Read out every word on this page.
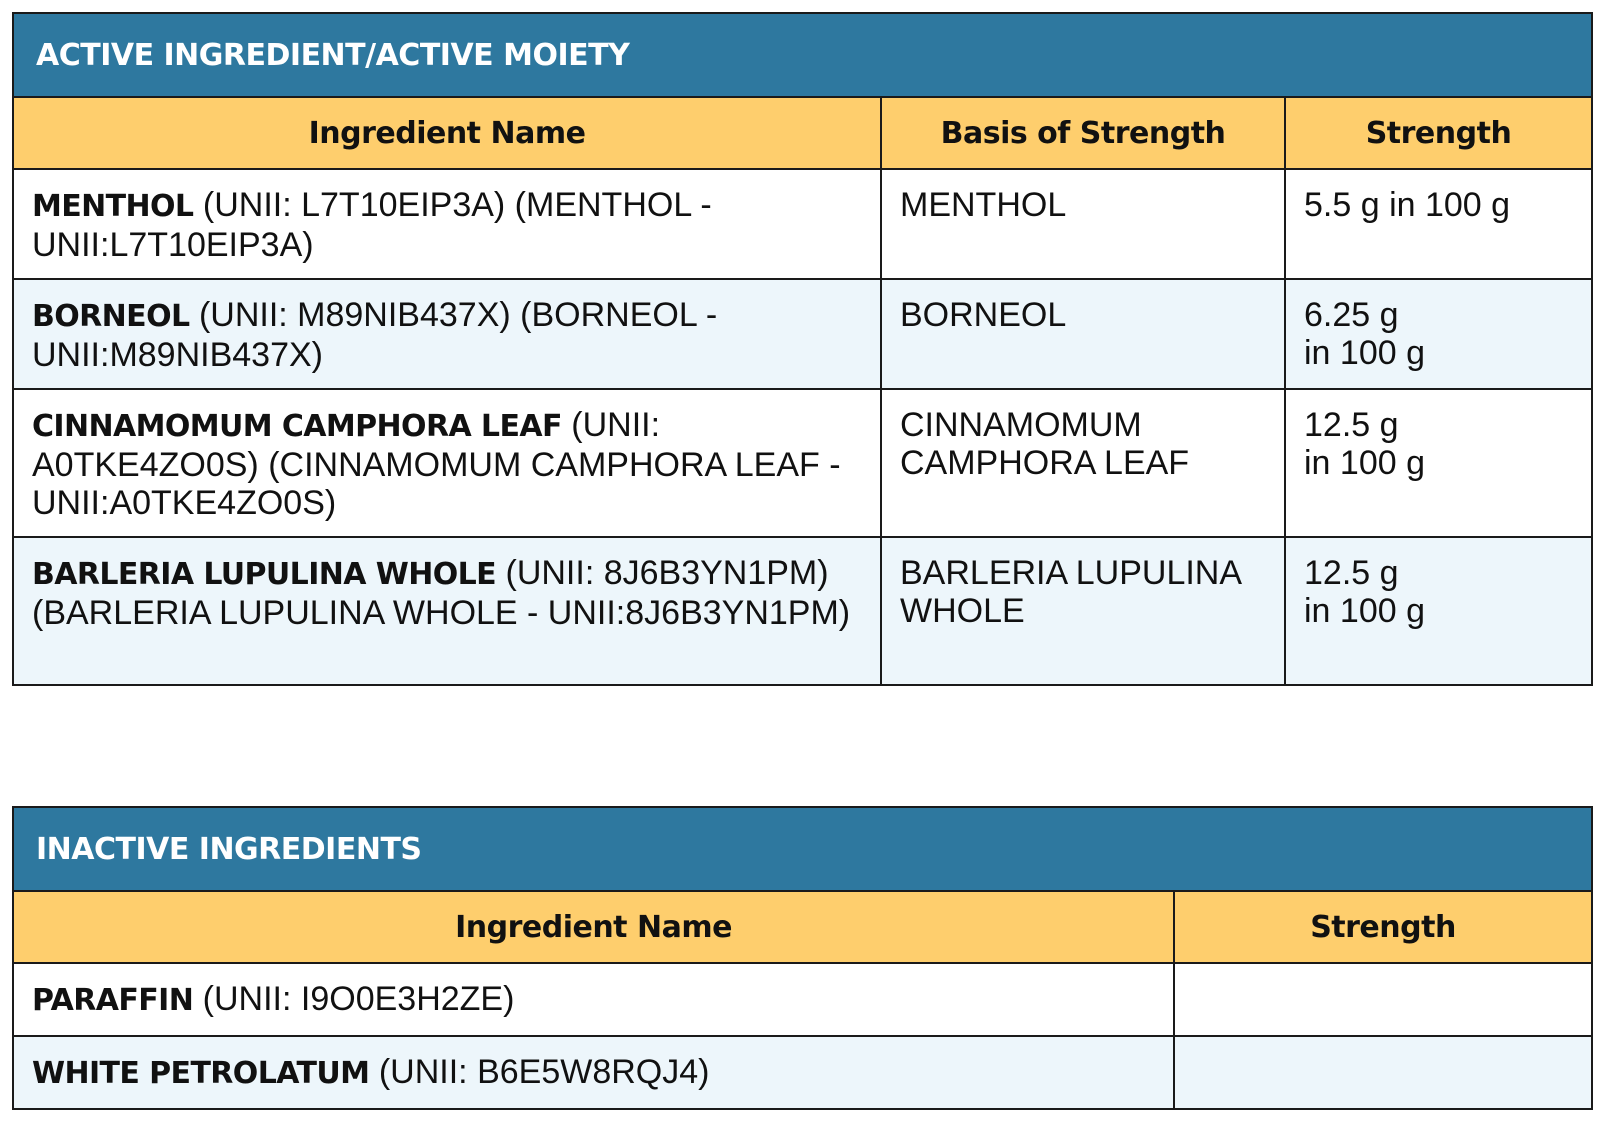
ACTIVE INGREDIENT/ACTIVE MOIETY		
Ingredient Name	Basis of Strength	Strength
MENTHOL (UNII: L7T10EIP3A) (MENTHOL - UNII:L7T10EIP3A)	MENTHOL	5.5 g in 100 g
BORNEOL (UNII: M89NIB437X) (BORNEOL - UNII:M89NIB437X)	BORNEOL	6.25 g
in 100 g
CINNAMOMUM CAMPHORA LEAF (UNII: A0TKE4ZO0S) (CINNAMOMUM CAMPHORA LEAF - UNII:A0TKE4ZO0S)	CINNAMOMUM CAMPHORA LEAF	12.5 g
in 100 g
BARLERIA LUPULINA WHOLE (UNII: 8J6B3YN1PM) (BARLERIA LUPULINA WHOLE - UNII:8J6B3YN1PM)	BARLERIA LUPULINA WHOLE	12.5 g
in 100 g
INACTIVE INGREDIENTS	
Ingredient Name	Strength
PARAFFIN (UNII: I9O0E3H2ZE)	
WHITE PETROLATUM (UNII: B6E5W8RQJ4)	
